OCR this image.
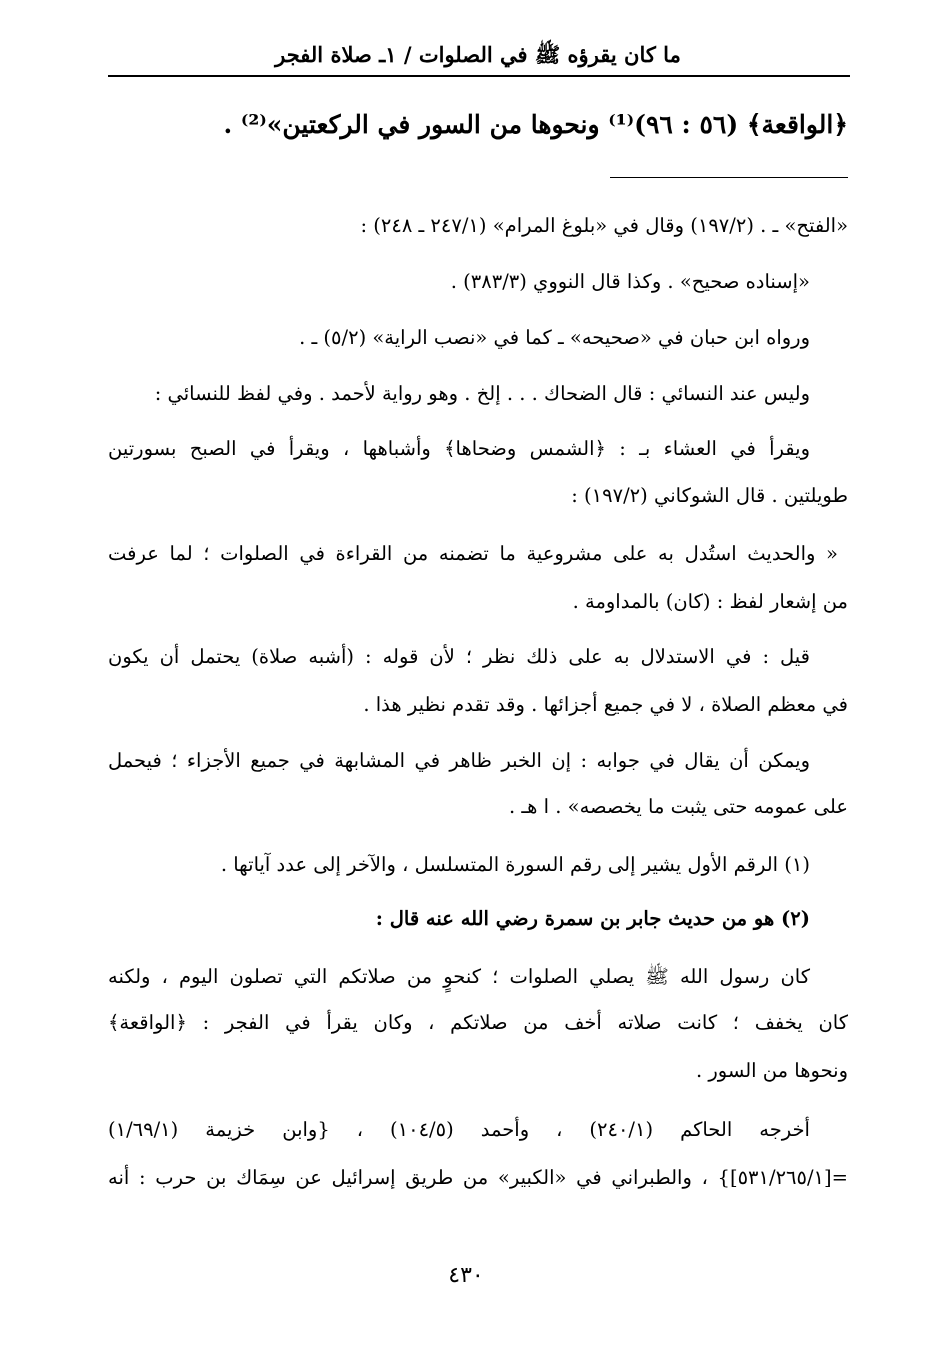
ما كان يقرؤه ﷺ في الصلوات / ١ـ صلاة الفجر
﴿الواقعة﴾ (٥٦ : ٩٦)⁽¹⁾ ونحوها من السور في الركعتين»⁽²⁾ .
«الفتح» ـ . (١٩٧/٢) وقال في «بلوغ المرام» (٢٤٧/١ ـ ٢٤٨) :
«إسناده صحيح» . وكذا قال النووي (٣٨٣/٣) .
ورواه ابن حبان في «صحيحه» ـ كما في «نصب الراية» (٥/٢) ـ .
وليس عند النسائي : قال الضحاك . . . إلخ . وهو رواية لأحمد . وفي لفظ للنسائي :
ويقرأ في العشاء بـ : ﴿الشمس وضحاها﴾ وأشباهها ، ويقرأ في الصبح بسورتين
طويلتين . قال الشوكاني (١٩٧/٢) :
« والحديث استُدل به على مشروعية ما تضمنه من القراءة في الصلوات ؛ لما عرفت
من إشعار لفظ : (كان) بالمداومة .
قيل : في الاستدلال به على ذلك نظر ؛ لأن قوله : (أشبه صلاة) يحتمل أن يكون
في معظم الصلاة ، لا في جميع أجزائها . وقد تقدم نظير هذا .
ويمكن أن يقال في جوابه : إن الخبر ظاهر في المشابهة في جميع الأجزاء ؛ فيحمل
على عمومه حتى يثبت ما يخصصه» . ا هـ .
(١) الرقم الأول يشير إلى رقم السورة المتسلسل ، والآخر إلى عدد آياتها .
(٢) هو من حديث جابر بن سمرة رضي الله عنه قال :
كان رسول الله ﷺ يصلي الصلوات ؛ كنحوٍ من صلاتكم التي تصلون اليوم ، ولكنه
كان يخفف ؛ كانت صلاته أخف من صلاتكم ، وكان يقرأ في الفجر : ﴿الواقعة﴾
ونحوها من السور .
أخرجه الحاكم (٢٤٠/١) ، وأحمد (١٠٤/٥) ، {وابن خزيمة (١/٦٩/١)
=[٥٣١/٢٦٥/١]} ، والطبراني في «الكبير» من طريق إسرائيل عن سِمَاك بن حرب : أنه
٤٣٠
